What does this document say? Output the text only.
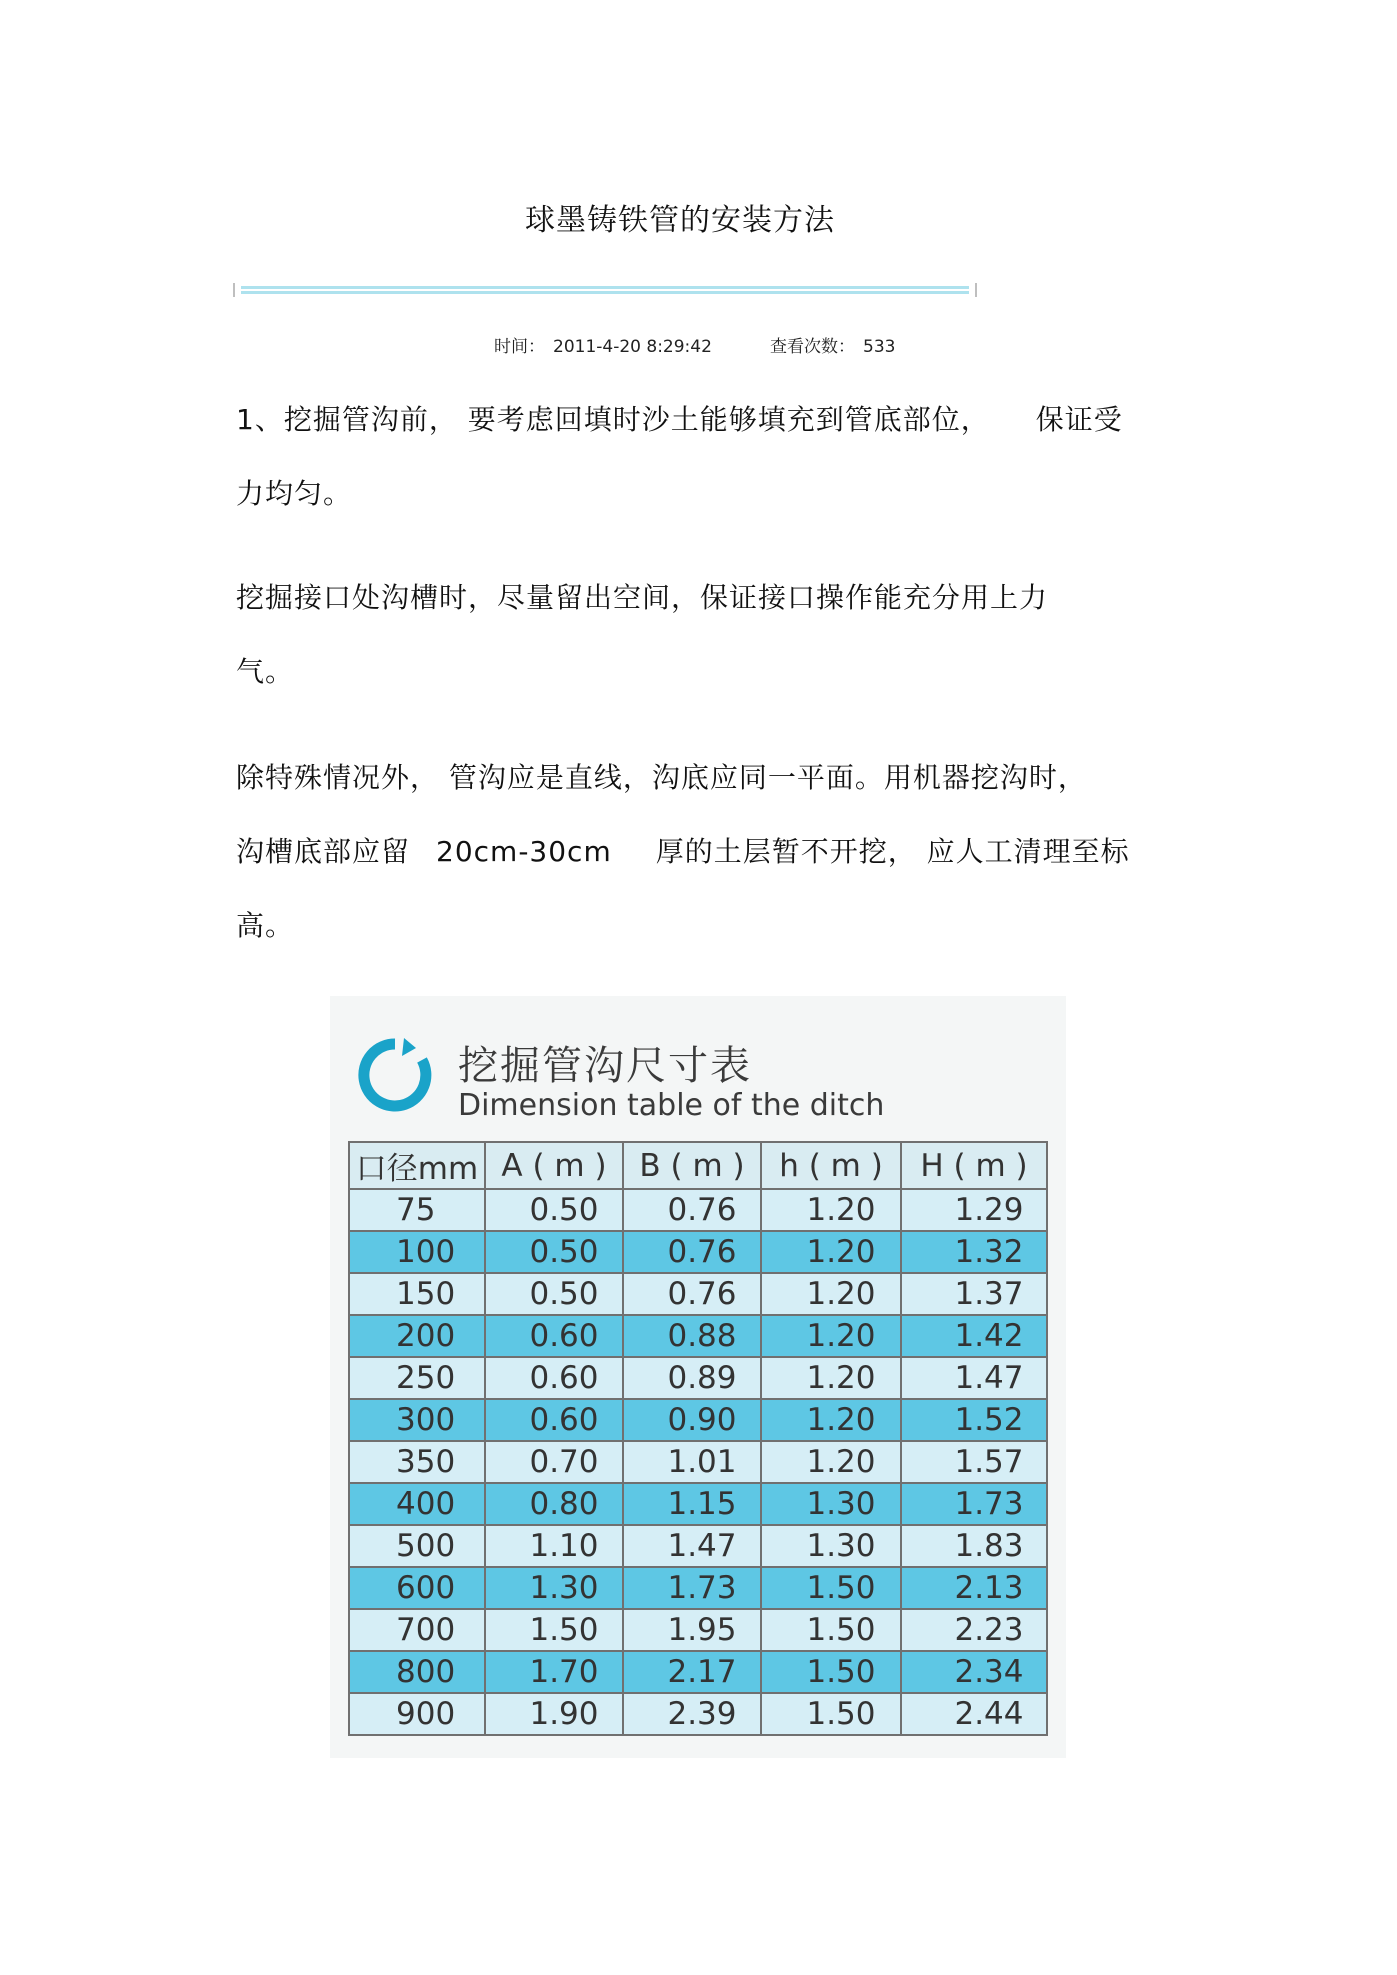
球墨铸铁管的安装方法
时间： 2011-4-20 8:29:42	查看次数： 533
1、挖掘管沟前， 要考虑回填时沙土能够填充到管底部位， 保证受
力均匀。
挖掘接口处沟槽时，尽量留出空间，保证接口操作能充分用上力
气。
除特殊情况外， 管沟应是直线，沟底应同一平面。用机器挖沟时，
沟槽底部应留 20cm-30cm 厚的土层暂不开挖， 应人工清理至标
高。
挖掘管沟尺寸表
Dimension table of the ditch
口径mm	A ( m )	B ( m )	h ( m )	H ( m )
75	0.50	0.76	1.20	1.29
100	0.50	0.76	1.20	1.32
150	0.50	0.76	1.20	1.37
200	0.60	0.88	1.20	1.42
250	0.60	0.89	1.20	1.47
300	0.60	0.90	1.20	1.52
350	0.70	1.01	1.20	1.57
400	0.80	1.15	1.30	1.73
500	1.10	1.47	1.30	1.83
600	1.30	1.73	1.50	2.13
700	1.50	1.95	1.50	2.23
800	1.70	2.17	1.50	2.34
900	1.90	2.39	1.50	2.44
